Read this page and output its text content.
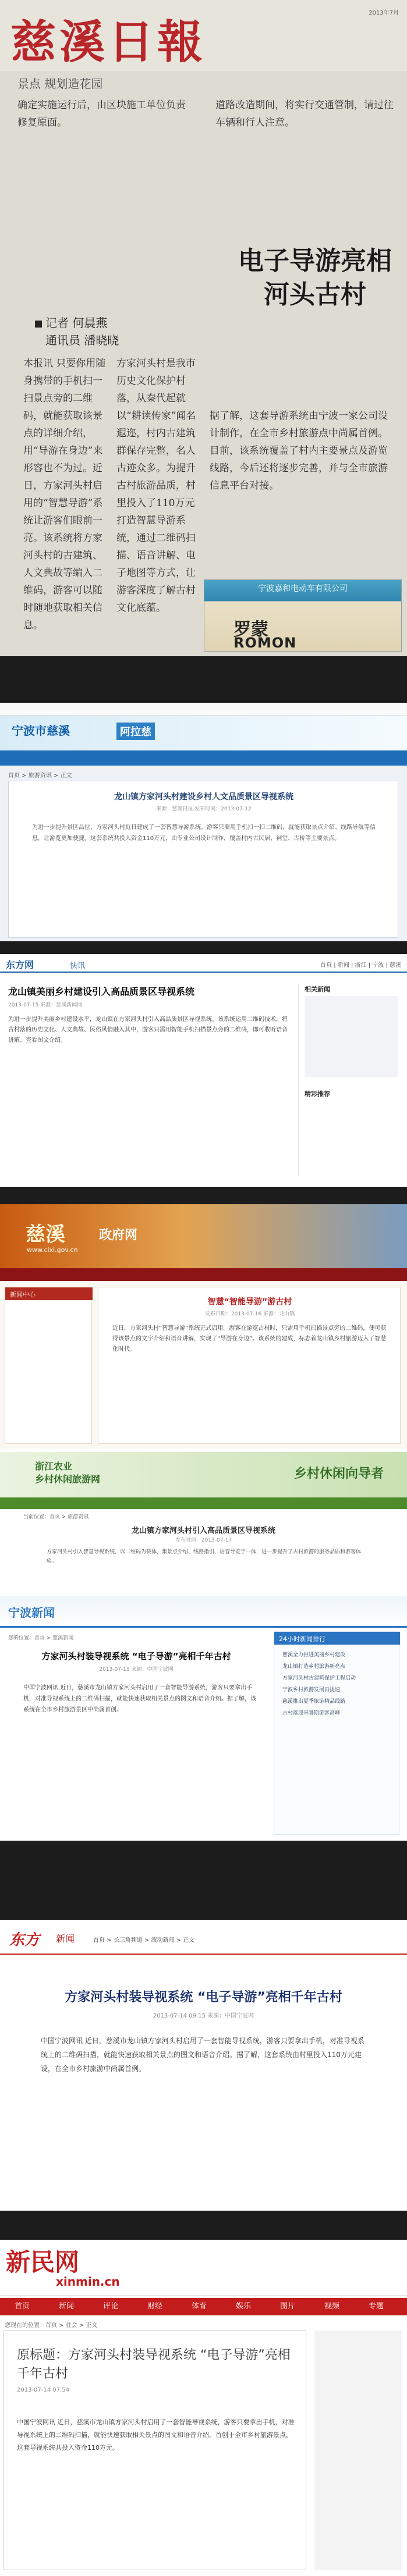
慈溪日報
2013年7月
景点 规划造花园
确定实施运行后，由区块施工单位负责修复原面。
道路改造期间，将实行交通管制，请过往车辆和行人注意。
电子导游亮相河头古村
记者 何晨燕
通讯员 潘晓晓
本报讯 只要你用随身携带的手机扫一扫景点旁的二维码，就能获取该景点的详细介绍，用“导游在身边”来形容也不为过。近日，方家河头村启用的“智慧导游”系统让游客们眼前一亮。该系统将方家河头村的古建筑、人文典故等编入二维码，游客可以随时随地获取相关信息。
方家河头村是我市历史文化保护村落，从秦代起就以“耕读传家”闻名遐迩，村内古建筑群保存完整，名人古迹众多。为提升古村旅游品质，村里投入了110万元打造智慧导游系统，通过二维码扫描、语音讲解、电子地图等方式，让游客深度了解古村文化底蕴。
据了解，这套导游系统由宁波一家公司设计制作，在全市乡村旅游点中尚属首例。目前，该系统覆盖了村内主要景点及游览线路，今后还将逐步完善，并与全市旅游信息平台对接。
宁波嘉和电动车有限公司
罗蒙
ROMON
宁波市慈溪	阿拉慈
首页 > 旅游资讯 > 正文
龙山镇方家河头村建设乡村人文品质景区导视系统
来源：慈溪日报 发布时间：2013-07-12
为进一步提升景区品位，方家河头村近日建成了一套智慧导游系统。游客只要用手机扫一扫二维码，就能获取景点介绍、线路导航等信息，让游览更加便捷。这套系统共投入资金110万元，由专业公司设计制作，覆盖村内古民居、祠堂、古桥等主要景点。
东方网	快讯	首页 | 新闻 | 浙江 | 宁波 | 慈溪
龙山镇美丽乡村建设引入高品质景区导视系统
2013-07-15 来源：慈溪新闻网
为进一步提升美丽乡村建设水平，龙山镇在方家河头村引入高品质景区导视系统。该系统运用二维码技术，将古村落的历史文化、人文典故、民俗风情融入其中，游客只需用智能手机扫描景点旁的二维码，即可收听语音讲解、查看图文介绍。
相关新闻
精彩推荐
慈溪	政府网
www.cixi.gov.cn
新闻中心
智慧“智能导游”游古村
发布日期：2013-07-16 来源：龙山镇
近日，方家河头村“智慧导游”系统正式启用。游客在游览古村时，只需用手机扫描景点旁的二维码，便可获得该景点的文字介绍和语音讲解，实现了“导游在身边”。该系统的建成，标志着龙山镇乡村旅游迈入了智慧化时代。
浙江农业
乡村休闲旅游网	乡村休闲向导者
当前位置：首页 > 旅游资讯
龙山镇方家河头村引入高品质景区导视系统
发布时间：2013-07-17
方家河头村引入智慧导视系统，以二维码为载体，集景点介绍、线路指引、语音导览于一体，进一步提升了古村旅游的服务品质和游客体验。
宁波新闻
您的位置：首页 > 慈溪新闻
方家河头村装导视系统 “电子导游”亮相千年古村
2013-07-15 来源：中国宁波网
中国宁波网讯 近日，慈溪市龙山镇方家河头村启用了一套智能导游系统，游客只要拿出手机，对准导视系统上的二维码扫描，就能快速获取相关景点的图文和语音介绍。据了解，该系统在全市乡村旅游景区中尚属首创。
24小时新闻排行
慈溪全力推进美丽乡村建设
龙山镇打造乡村旅游新亮点
方家河头村古建筑保护工程启动
宁波乡村旅游发展再提速
慈溪推出夏季旅游精品线路
古村落迎来暑期游客高峰
东方 新闻	首页 > 长三角频道 > 滚动新闻 > 正文
方家河头村装导视系统 “电子导游”亮相千年古村
2013-07-14 09:15 来源：中国宁波网
中国宁波网讯 近日，慈溪市龙山镇方家河头村启用了一套智能导视系统，游客只要拿出手机，对准导视系统上的二维码扫描，就能快速获取相关景点的图文和语音介绍。据了解，这套系统由村里投入110万元建设，在全市乡村旅游中尚属首例。
新民网
xinmin.cn
首页	新闻	评论	财经	体育	娱乐	图片	视频	专题
您现在的位置：首页 > 社会 > 正文
原标题：方家河头村装导视系统 “电子导游”亮相千年古村
2013-07-14 07:54
中国宁波网讯 近日，慈溪市龙山镇方家河头村启用了一套智能导视系统，游客只要拿出手机，对准导视系统上的二维码扫描，就能快速获取相关景点的图文和语音介绍。首创于全市乡村旅游景点，这套导视系统共投入资金110万元。
